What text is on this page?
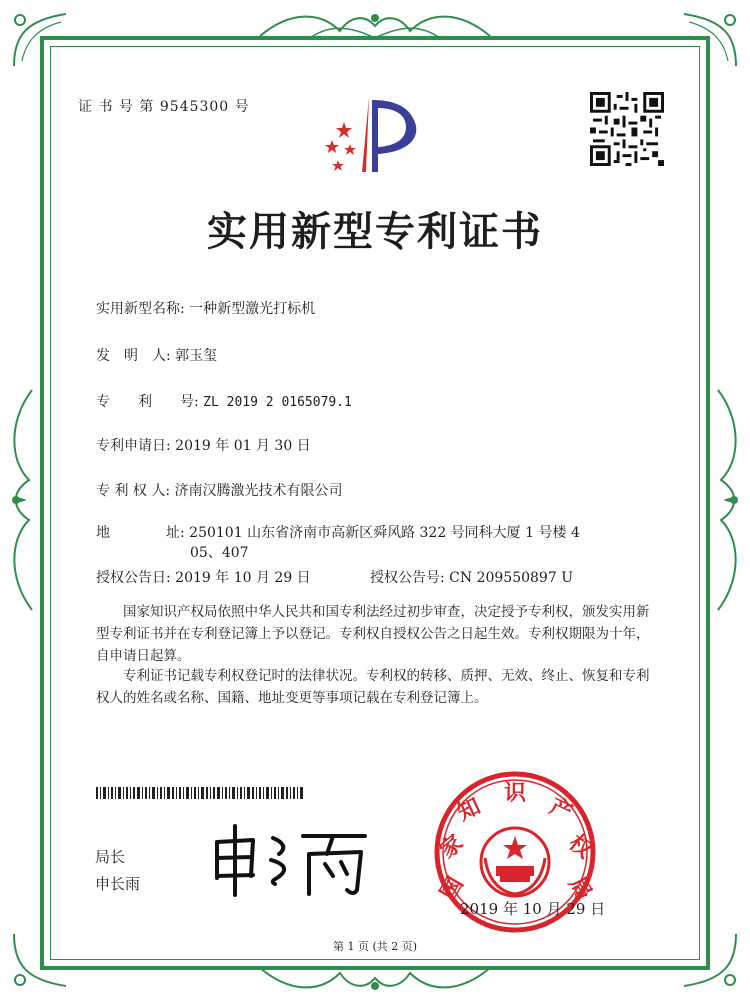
证 书 号 第 9545300 号
实用新型专利证书
实用新型名称: 一种新型激光打标机
发　明　人: 郭玉玺
专　　利　　号: ZL 2019 2 0165079.1
专利申请日: 2019 年 01 月 30 日
专 利 权 人: 济南汉腾激光技术有限公司
地　　　　址: 250101 山东省济南市高新区舜风路 322 号同科大厦 1 号楼 4
05、407
授权公告日: 2019 年 10 月 29 日	授权公告号: CN 209550897 U
国家知识产权局依照中华人民共和国专利法经过初步审查，决定授予专利权，颁发实用新型专利证书并在专利登记簿上予以登记。专利权自授权公告之日起生效。专利权期限为十年，自申请日起算。
专利证书记载专利权登记时的法律状况。专利权的转移、质押、无效、终止、恢复和专利权人的姓名或名称、国籍、地址变更等事项记载在专利登记簿上。
局长
申长雨	国
家
知
识
产
权
局
2019 年 10 月 29 日
第 1 页 (共 2 页)
